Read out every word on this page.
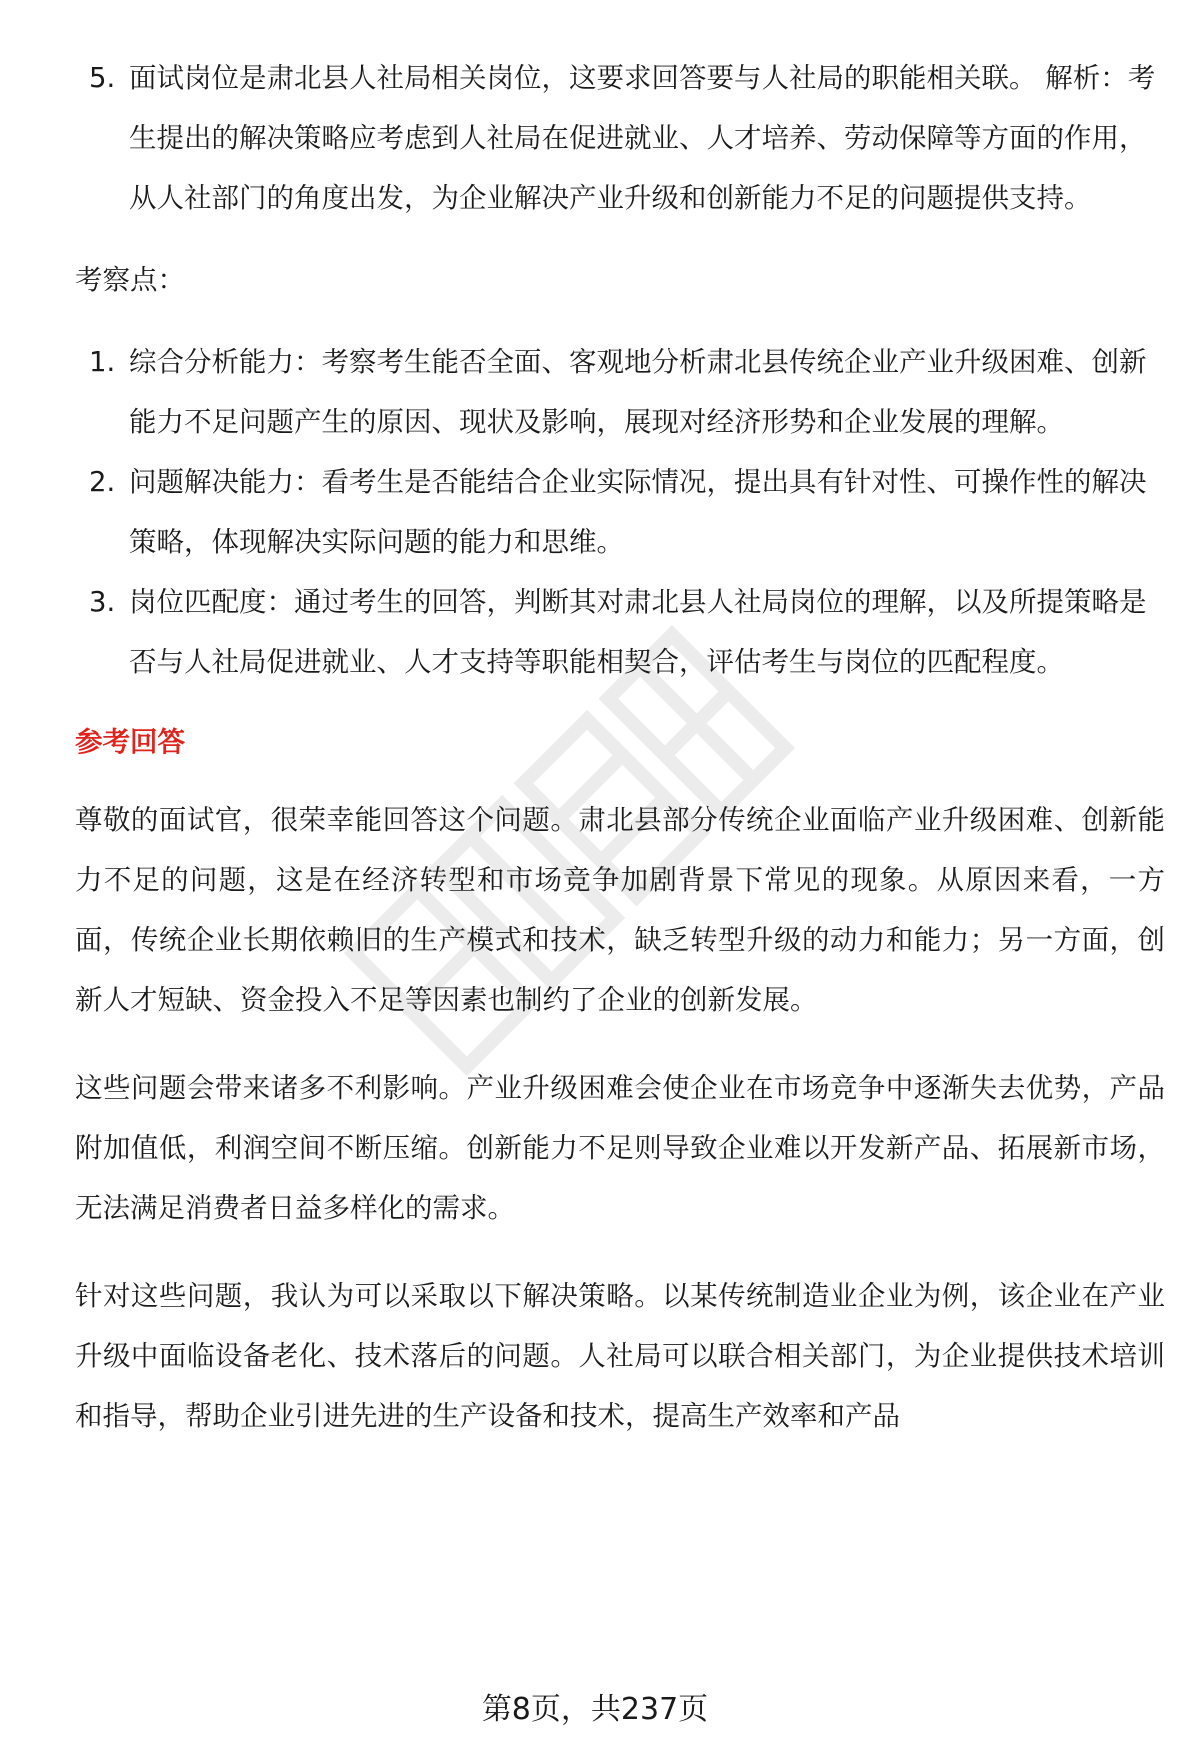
5. 面试岗位是肃北县人社局相关岗位，这要求回答要与人社局的职能相关联。 解析：考生提出的解决策略应考虑到人社局在促进就业、人才培养、劳动保障等方面的作用，从人社部门的角度出发，为企业解决产业升级和创新能力不足的问题提供支持。
考察点：
1. 综合分析能力：考察考生能否全面、客观地分析肃北县传统企业产业升级困难、创新能力不足问题产生的原因、现状及影响，展现对经济形势和企业发展的理解。
2. 问题解决能力：看考生是否能结合企业实际情况，提出具有针对性、可操作性的解决策略，体现解决实际问题的能力和思维。
3. 岗位匹配度：通过考生的回答，判断其对肃北县人社局岗位的理解，以及所提策略是否与人社局促进就业、人才支持等职能相契合，评估考生与岗位的匹配程度。
参考回答

尊敬的面试官，很荣幸能回答这个问题。肃北县部分传统企业面临产业升级困难、创新能力不足的问题，这是在经济转型和市场竞争加剧背景下常见的现象。从原因来看，一方面，传统企业长期依赖旧的生产模式和技术，缺乏转型升级的动力和能力；另一方面，创新人才短缺、资金投入不足等因素也制约了企业的创新发展。

这些问题会带来诸多不利影响。产业升级困难会使企业在市场竞争中逐渐失去优势，产品附加值低，利润空间不断压缩。创新能力不足则导致企业难以开发新产品、拓展新市场，无法满足消费者日益多样化的需求。

针对这些问题，我认为可以采取以下解决策略。以某传统制造业企业为例，该企业在产业升级中面临设备老化、技术落后的问题。人社局可以联合相关部门，为企业提供技术培训和指导，帮助企业引进先进的生产设备和技术，提高生产效率和产品

第8页，共237页
